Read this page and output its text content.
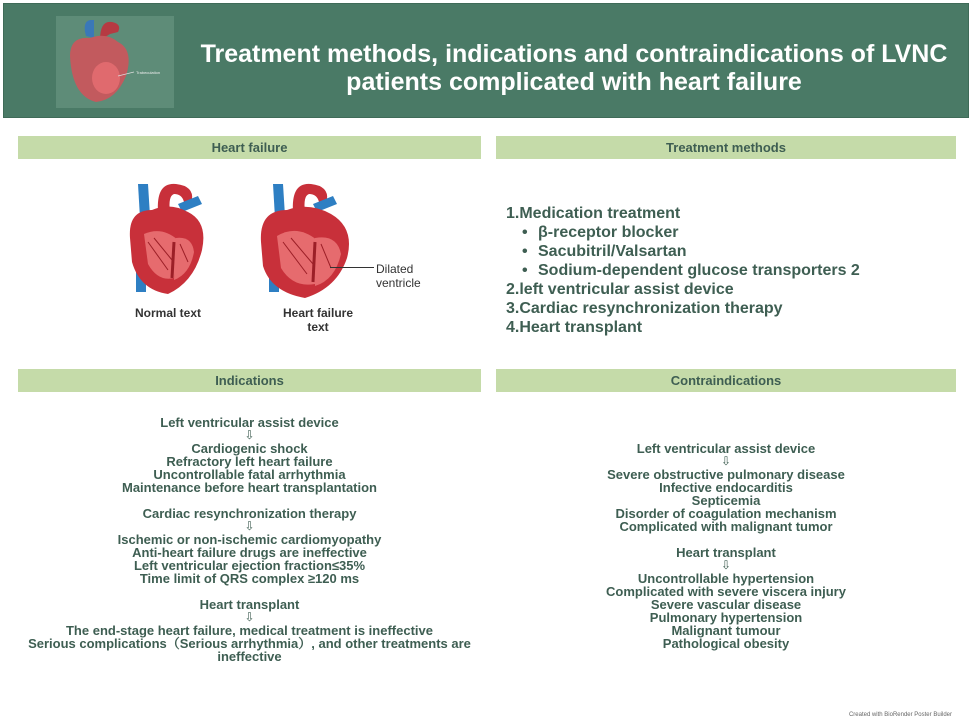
Trabeculation
Treatment methods, indications and contraindications of LVNC
patients complicated with heart failure
Heart failure	Treatment methods
Indications	Contraindications
Dilated
ventricle
Normal text	Heart failure
text
1.Medication treatment
• β-receptor blocker
• Sacubitril/Valsartan
• Sodium-dependent glucose transporters 2
2.left ventricular assist device
3.Cardiac resynchronization therapy
4.Heart transplant
Left ventricular assist device
⇩
Cardiogenic shock
Refractory left heart failure
Uncontrollable fatal arrhythmia
Maintenance before heart transplantation
Cardiac resynchronization therapy
⇩
Ischemic or non-ischemic cardiomyopathy
Anti-heart failure drugs are ineffective
Left ventricular ejection fraction≤35%
Time limit of QRS complex ≥120 ms
Heart transplant
⇩
The end-stage heart failure, medical treatment is ineffective
Serious complications（Serious arrhythmia）, and other treatments are
ineffective
Left ventricular assist device
⇩
Severe obstructive pulmonary disease
Infective endocarditis
Septicemia
Disorder of coagulation mechanism
Complicated with malignant tumor
Heart transplant
⇩
Uncontrollable hypertension
Complicated with severe viscera injury
Severe vascular disease
Pulmonary hypertension
Malignant tumour
Pathological obesity
Created with BioRender Poster Builder
